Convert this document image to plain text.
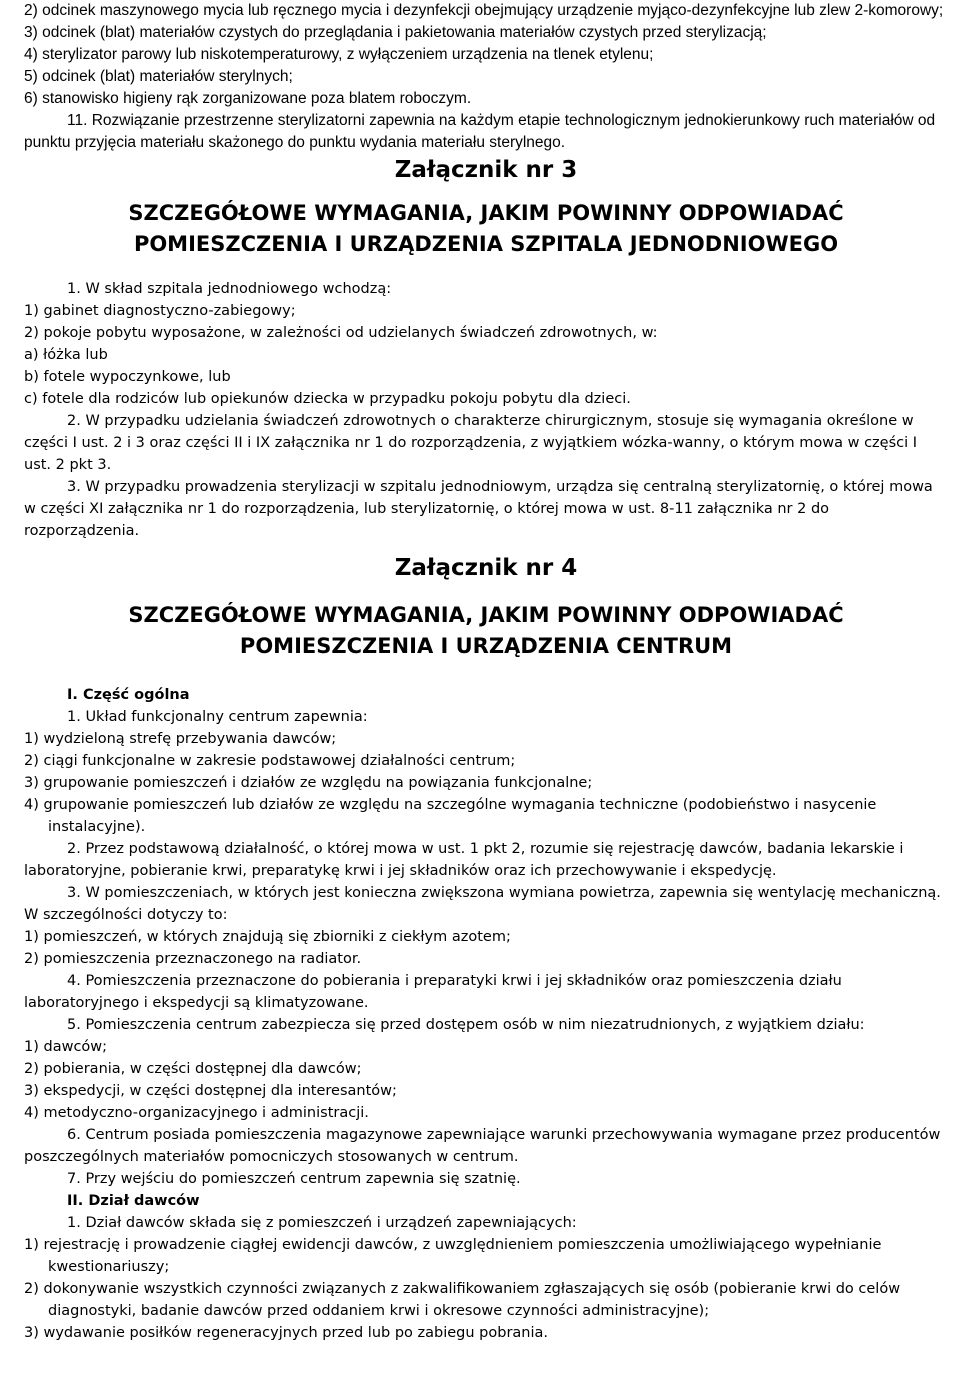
2) odcinek maszynowego mycia lub ręcznego mycia i dezynfekcji obejmujący urządzenie myjąco-dezynfekcyjne lub zlew 2-komorowy;

3) odcinek (blat) materiałów czystych do przeglądania i pakietowania materiałów czystych przed sterylizacją;

4) sterylizator parowy lub niskotemperaturowy, z wyłączeniem urządzenia na tlenek etylenu;

5) odcinek (blat) materiałów sterylnych;

6) stanowisko higieny rąk zorganizowane poza blatem roboczym.

11. Rozwiązanie przestrzenne sterylizatorni zapewnia na każdym etapie technologicznym jednokierunkowy ruch materiałów od punktu przyjęcia materiału skażonego do punktu wydania materiału sterylnego.

Załącznik nr 3
SZCZEGÓŁOWE WYMAGANIA, JAKIM POWINNY ODPOWIADAĆ
POMIESZCZENIA I URZĄDZENIA SZPITALA JEDNODNIOWEGO

1. W skład szpitala jednodniowego wchodzą:

1) gabinet diagnostyczno-zabiegowy;

2) pokoje pobytu wyposażone, w zależności od udzielanych świadczeń zdrowotnych, w:

a) łóżka lub

b) fotele wypoczynkowe, lub

c) fotele dla rodziców lub opiekunów dziecka w przypadku pokoju pobytu dla dzieci.

2. W przypadku udzielania świadczeń zdrowotnych o charakterze chirurgicznym, stosuje się wymagania określone w części I ust. 2 i 3 oraz części II i IX załącznika nr 1 do rozporządzenia, z wyjątkiem wózka-wanny, o którym mowa w części I ust. 2 pkt 3.

3. W przypadku prowadzenia sterylizacji w szpitalu jednodniowym, urządza się centralną sterylizatornię, o której mowa w części XI załącznika nr 1 do rozporządzenia, lub sterylizatornię, o której mowa w ust. 8-11 załącznika nr 2 do rozporządzenia.

Załącznik nr 4
SZCZEGÓŁOWE WYMAGANIA, JAKIM POWINNY ODPOWIADAĆ
POMIESZCZENIA I URZĄDZENIA CENTRUM

I. Część ogólna

1. Układ funkcjonalny centrum zapewnia:

1) wydzieloną strefę przebywania dawców;

2) ciągi funkcjonalne w zakresie podstawowej działalności centrum;

3) grupowanie pomieszczeń i działów ze względu na powiązania funkcjonalne;

4) grupowanie pomieszczeń lub działów ze względu na szczególne wymagania techniczne (podobieństwo i nasycenie instalacyjne).

2. Przez podstawową działalność, o której mowa w ust. 1 pkt 2, rozumie się rejestrację dawców, badania lekarskie i laboratoryjne, pobieranie krwi, preparatykę krwi i jej składników oraz ich przechowywanie i ekspedycję.

3. W pomieszczeniach, w których jest konieczna zwiększona wymiana powietrza, zapewnia się wentylację mechaniczną. W szczególności dotyczy to:

1) pomieszczeń, w których znajdują się zbiorniki z ciekłym azotem;

2) pomieszczenia przeznaczonego na radiator.

4. Pomieszczenia przeznaczone do pobierania i preparatyki krwi i jej składników oraz pomieszczenia działu laboratoryjnego i ekspedycji są klimatyzowane.

5. Pomieszczenia centrum zabezpiecza się przed dostępem osób w nim niezatrudnionych, z wyjątkiem działu:

1) dawców;

2) pobierania, w części dostępnej dla dawców;

3) ekspedycji, w części dostępnej dla interesantów;

4) metodyczno-organizacyjnego i administracji.

6. Centrum posiada pomieszczenia magazynowe zapewniające warunki przechowywania wymagane przez producentów poszczególnych materiałów pomocniczych stosowanych w centrum.

7. Przy wejściu do pomieszczeń centrum zapewnia się szatnię.

II. Dział dawców

1. Dział dawców składa się z pomieszczeń i urządzeń zapewniających:

1) rejestrację i prowadzenie ciągłej ewidencji dawców, z uwzględnieniem pomieszczenia umożliwiającego wypełnianie kwestionariuszy;

2) dokonywanie wszystkich czynności związanych z zakwalifikowaniem zgłaszających się osób (pobieranie krwi do celów diagnostyki, badanie dawców przed oddaniem krwi i okresowe czynności administracyjne);

3) wydawanie posiłków regeneracyjnych przed lub po zabiegu pobrania.
